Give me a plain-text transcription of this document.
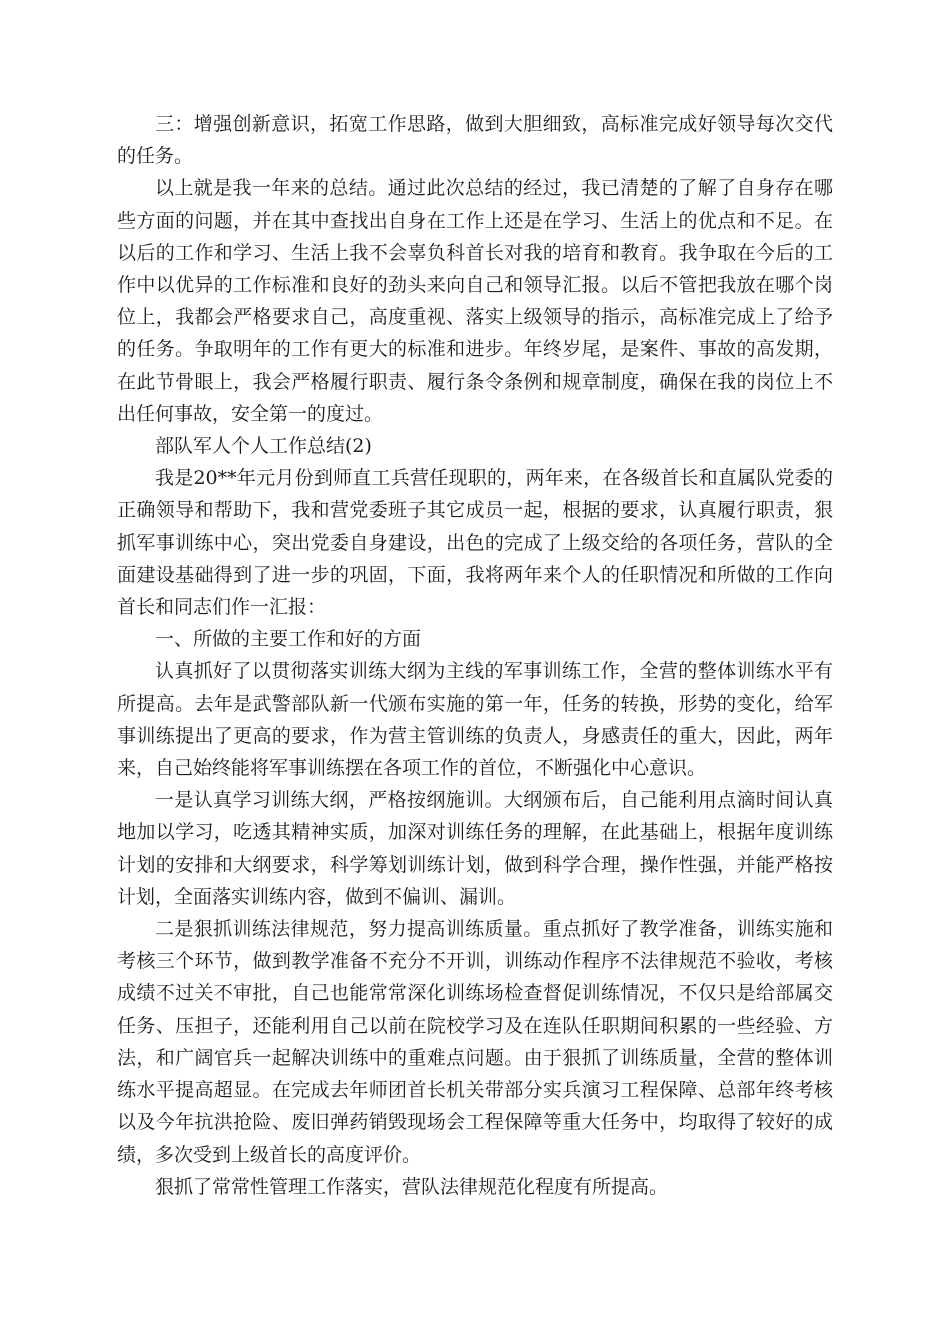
三：增强创新意识，拓宽工作思路，做到大胆细致，高标准完成好领导每次交代的任务。

以上就是我一年来的总结。通过此次总结的经过，我已清楚的了解了自身存在哪些方面的问题，并在其中查找出自身在工作上还是在学习、生活上的优点和不足。在以后的工作和学习、生活上我不会辜负科首长对我的培育和教育。我争取在今后的工作中以优异的工作标准和良好的劲头来向自己和领导汇报。以后不管把我放在哪个岗位上，我都会严格要求自己，高度重视、落实上级领导的指示，高标准完成上了给予的任务。争取明年的工作有更大的标准和进步。年终岁尾，是案件、事故的高发期，在此节骨眼上，我会严格履行职责、履行条令条例和规章制度，确保在我的岗位上不出任何事故，安全第一的度过。

部队军人个人工作总结(2)

我是20**年元月份到师直工兵营任现职的，两年来，在各级首长和直属队党委的正确领导和帮助下，我和营党委班子其它成员一起，根据的要求，认真履行职责，狠抓军事训练中心，突出党委自身建设，出色的完成了上级交给的各项任务，营队的全面建设基础得到了进一步的巩固，下面，我将两年来个人的任职情况和所做的工作向首长和同志们作一汇报：

一、所做的主要工作和好的方面

认真抓好了以贯彻落实训练大纲为主线的军事训练工作，全营的整体训练水平有所提高。去年是武警部队新一代颁布实施的第一年，任务的转换，形势的变化，给军事训练提出了更高的要求，作为营主管训练的负责人，身感责任的重大，因此，两年来，自己始终能将军事训练摆在各项工作的首位，不断强化中心意识。

一是认真学习训练大纲，严格按纲施训。大纲颁布后，自己能利用点滴时间认真地加以学习，吃透其精神实质，加深对训练任务的理解，在此基础上，根据年度训练计划的安排和大纲要求，科学筹划训练计划，做到科学合理，操作性强，并能严格按计划，全面落实训练内容，做到不偏训、漏训。

二是狠抓训练法律规范，努力提高训练质量。重点抓好了教学准备，训练实施和考核三个环节，做到教学准备不充分不开训，训练动作程序不法律规范不验收，考核成绩不过关不审批，自己也能常常深化训练场检查督促训练情况，不仅只是给部属交任务、压担子，还能利用自己以前在院校学习及在连队任职期间积累的一些经验、方法，和广阔官兵一起解决训练中的重难点问题。由于狠抓了训练质量，全营的整体训练水平提高超显。在完成去年师团首长机关带部分实兵演习工程保障、总部年终考核以及今年抗洪抢险、废旧弹药销毁现场会工程保障等重大任务中，均取得了较好的成绩，多次受到上级首长的高度评价。

狠抓了常常性管理工作落实，营队法律规范化程度有所提高。
